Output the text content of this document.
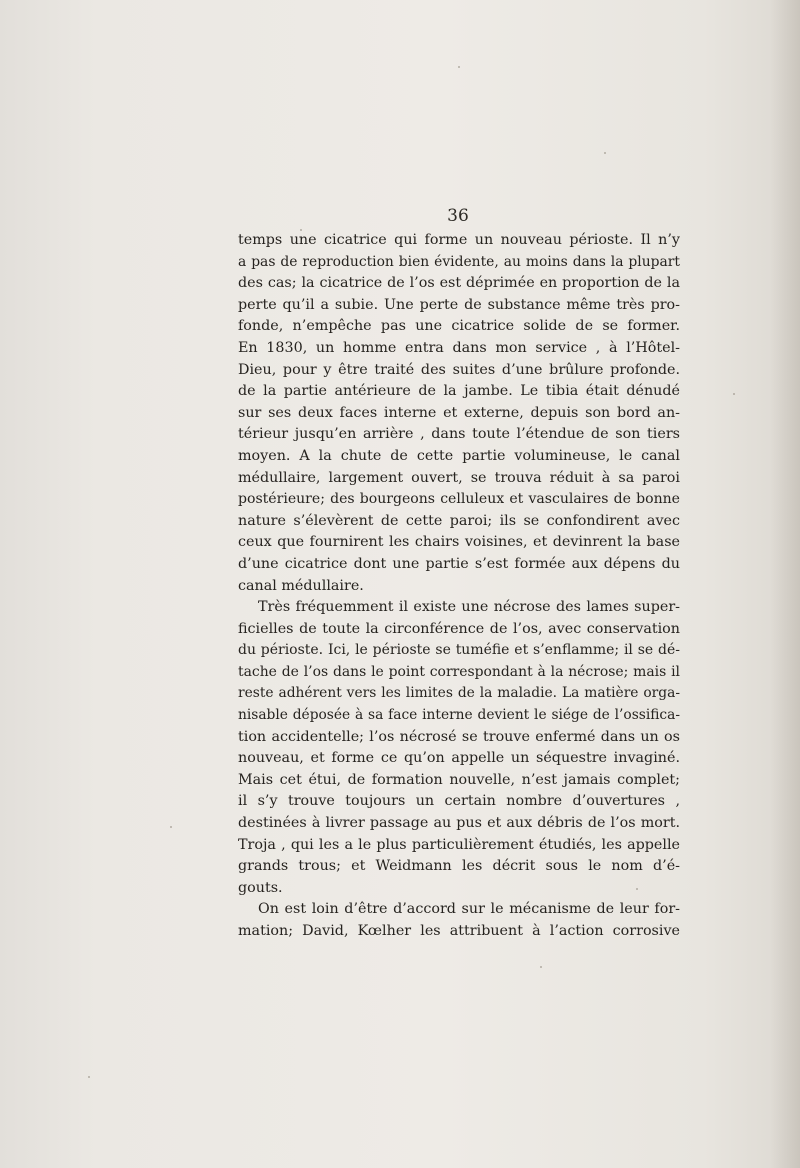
36
temps une cicatrice qui forme un nouveau périoste. Il n’y
a pas de reproduction bien évidente, au moins dans la plupart
des cas; la cicatrice de l’os est déprimée en proportion de la
perte qu’il a subie. Une perte de substance même très pro-
fonde, n’empêche pas une cicatrice solide de se former.
En 1830, un homme entra dans mon service , à l’Hôtel-
Dieu, pour y être traité des suites d’une brûlure profonde.
de la partie antérieure de la jambe. Le tibia était dénudé
sur ses deux faces interne et externe, depuis son bord an-
térieur jusqu’en arrière , dans toute l’étendue de son tiers
moyen. A la chute de cette partie volumineuse, le canal
médullaire, largement ouvert, se trouva réduit à sa paroi
postérieure; des bourgeons celluleux et vasculaires de bonne
nature s’élevèrent de cette paroi; ils se confondirent avec
ceux que fournirent les chairs voisines, et devinrent la base
d’une cicatrice dont une partie s’est formée aux dépens du
canal médullaire.
Très fréquemment il existe une nécrose des lames super-
ficielles de toute la circonférence de l’os, avec conservation
du périoste. Ici, le périoste se tuméfie et s’enflamme; il se dé-
tache de l’os dans le point correspondant à la nécrose; mais il
reste adhérent vers les limites de la maladie. La matière orga-
nisable déposée à sa face interne devient le siége de l’ossifica-
tion accidentelle; l’os nécrosé se trouve enfermé dans un os
nouveau, et forme ce qu’on appelle un séquestre invaginé.
Mais cet étui, de formation nouvelle, n’est jamais complet;
il s’y trouve toujours un certain nombre d’ouvertures ,
destinées à livrer passage au pus et aux débris de l’os mort.
Troja , qui les a le plus particulièrement étudiés, les appelle
grands trous; et Weidmann les décrit sous le nom d’é-
gouts.
On est loin d’être d’accord sur le mécanisme de leur for-
mation; David, Kœlher les attribuent à l’action corrosive
